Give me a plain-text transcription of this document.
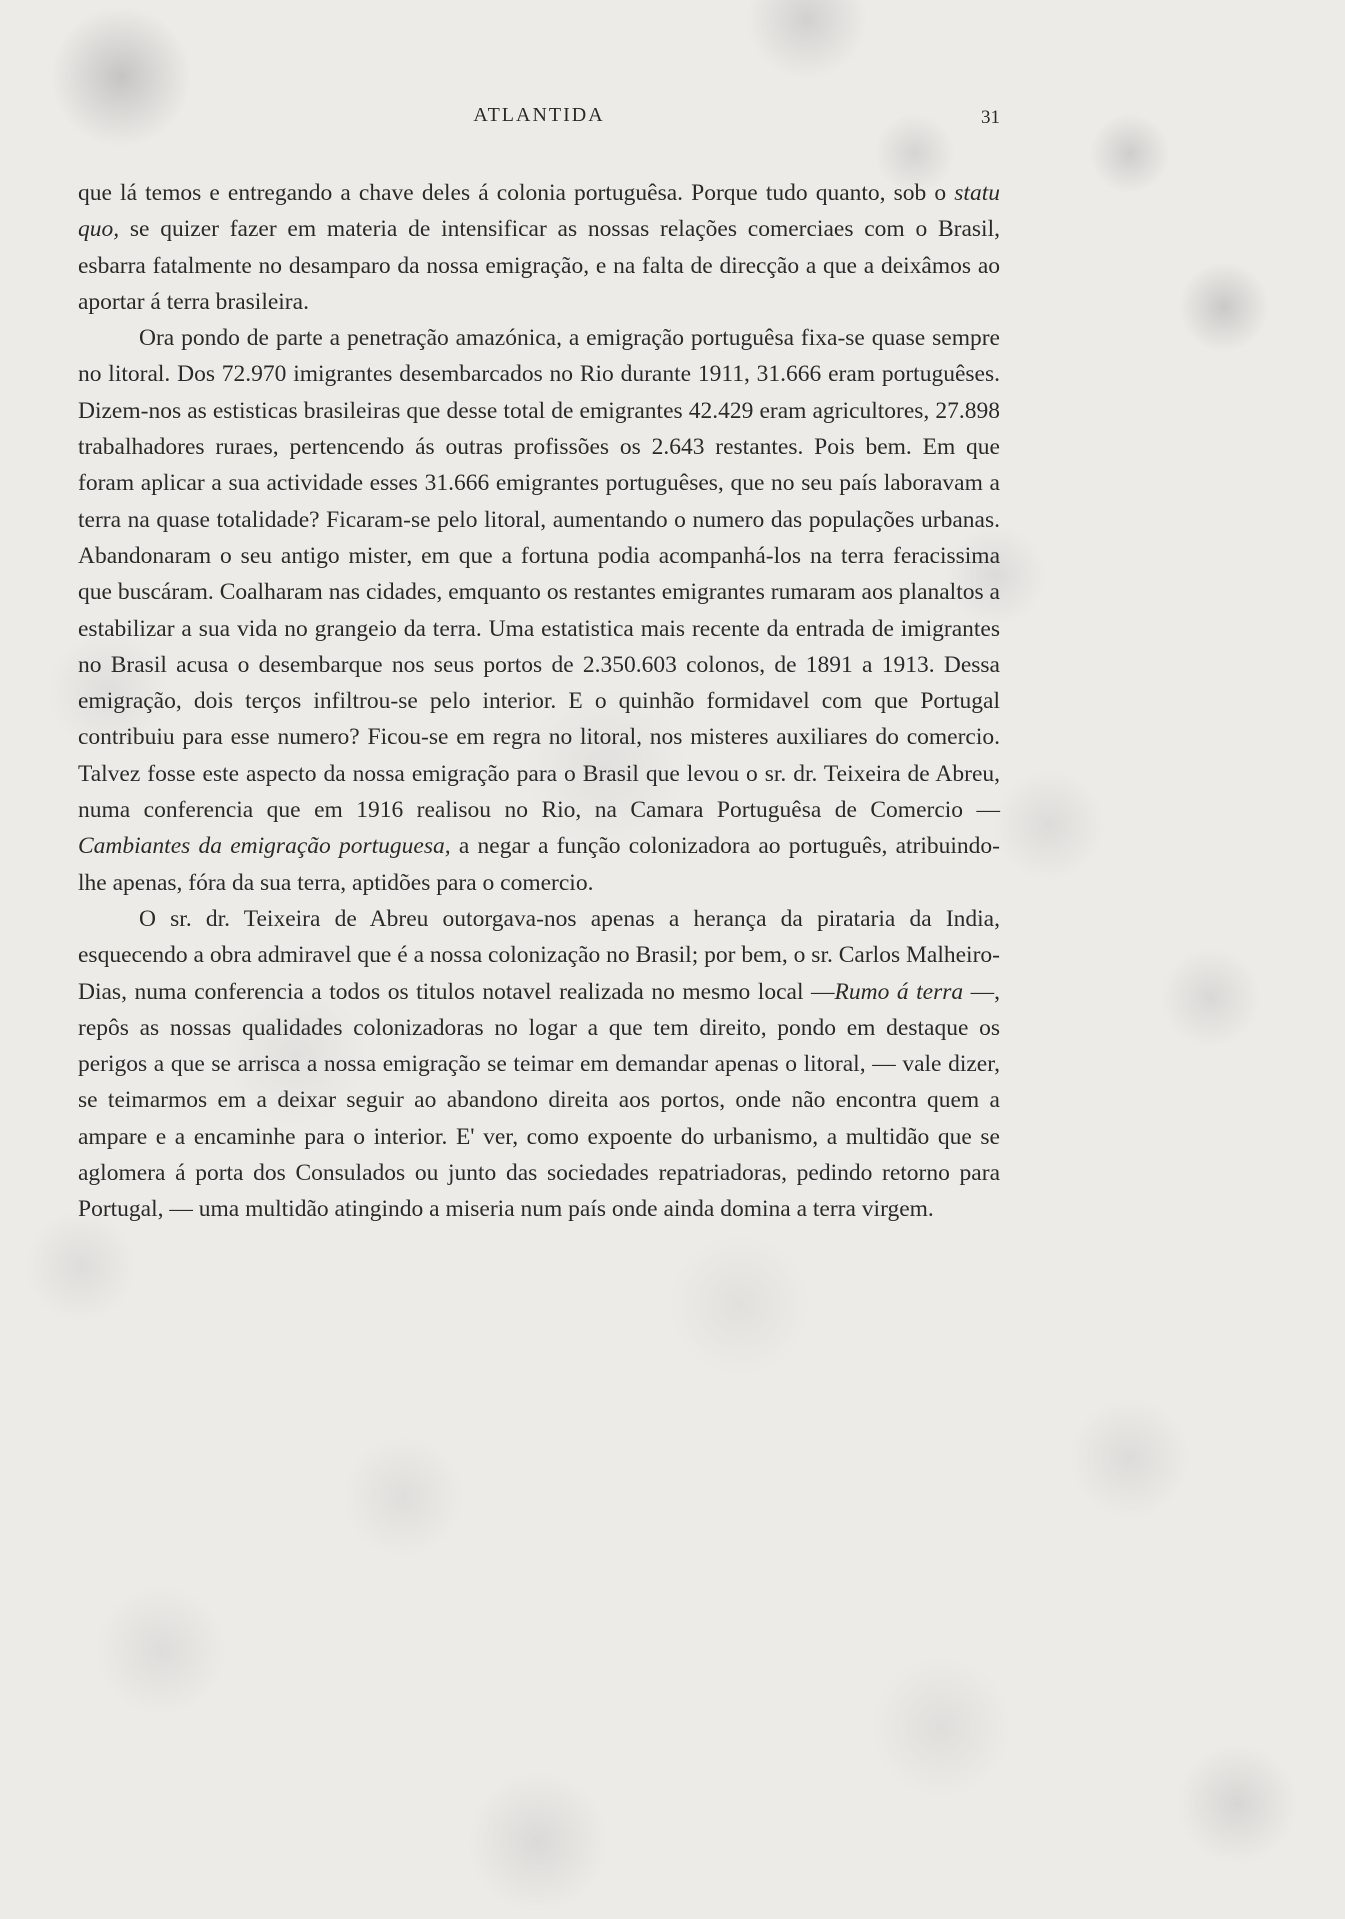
ATLANTIDA	31

que lá temos e entregando a chave deles á colonia portuguêsa. Porque tudo quanto, sob o statu quo, se quizer fazer em materia de intensificar as nossas relações comerciaes com o Brasil, esbarra fatalmente no desamparo da nossa emigração, e na falta de direcção a que a deixâmos ao aportar á terra brasileira.

Ora pondo de parte a penetração amazónica, a emigração portuguêsa fixa-se quase sempre no litoral. Dos 72.970 imigrantes desembarcados no Rio durante 1911, 31.666 eram portuguêses. Dizem-nos as estisticas brasileiras que desse total de emigrantes 42.429 eram agricultores, 27.898 trabalhadores ruraes, pertencendo ás outras profissões os 2.643 restantes. Pois bem. Em que foram aplicar a sua actividade esses 31.666 emigrantes portuguêses, que no seu país laboravam a terra na quase totalidade? Ficaram-se pelo litoral, aumentando o numero das populações urbanas. Abandonaram o seu antigo mister, em que a fortuna podia acompanhá-los na terra feracissima que buscáram. Coalharam nas cidades, emquanto os restantes emigrantes rumaram aos planaltos a estabilizar a sua vida no grangeio da terra. Uma estatistica mais recente da entrada de imigrantes no Brasil acusa o desembarque nos seus portos de 2.350.603 colonos, de 1891 a 1913. Dessa emigração, dois terços infiltrou-se pelo interior. E o quinhão formidavel com que Portugal contribuiu para esse numero? Ficou-se em regra no litoral, nos misteres auxiliares do comercio. Talvez fosse este aspecto da nossa emigração para o Brasil que levou o sr. dr. Teixeira de Abreu, numa conferencia que em 1916 realisou no Rio, na Camara Portuguêsa de Comercio — Cambiantes da emigração portuguesa, a negar a função colonizadora ao português, atribuindo-lhe apenas, fóra da sua terra, aptidões para o comercio.

O sr. dr. Teixeira de Abreu outorgava-nos apenas a herança da pirataria da India, esquecendo a obra admiravel que é a nossa colonização no Brasil; por bem, o sr. Carlos Malheiro-Dias, numa conferencia a todos os titulos notavel realizada no mesmo local —Rumo á terra —, repôs as nossas qualidades colonizadoras no logar a que tem direito, pondo em destaque os perigos a que se arrisca a nossa emigração se teimar em demandar apenas o litoral, — vale dizer, se teimarmos em a deixar seguir ao abandono direita aos portos, onde não encontra quem a ampare e a encaminhe para o interior. E' ver, como expoente do urbanismo, a multidão que se aglomera á porta dos Consulados ou junto das sociedades repatriadoras, pedindo retorno para Portugal, — uma multidão atingindo a miseria num país onde ainda domina a terra virgem.
